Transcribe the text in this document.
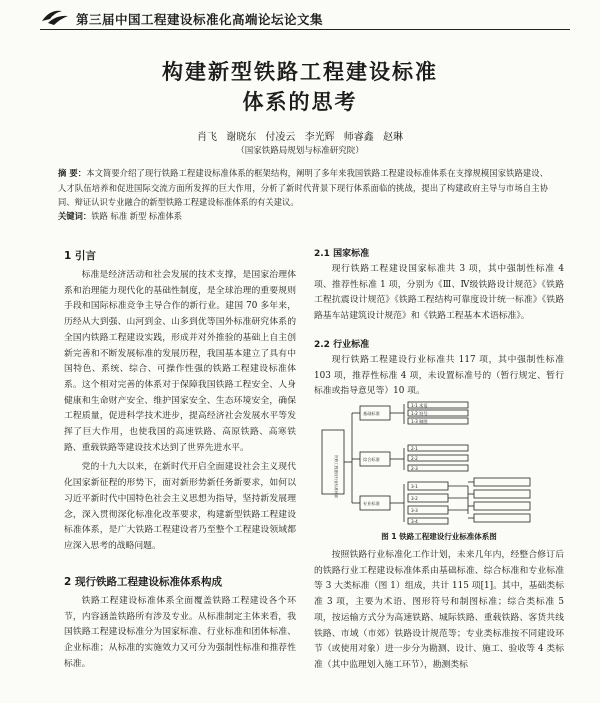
第三届中国工程建设标准化高端论坛论文集
构建新型铁路工程建设标准
体系的思考
肖飞 谢晓东 付凌云 李光辉 师睿鑫 赵琳
（国家铁路局规划与标准研究院）
摘 要：本文简要介绍了现行铁路工程建设标准体系的框架结构，阐明了多年来我国铁路工程建设标准体系在支撑规模国家铁路建设、人才队伍培养和促进国际交流方面所发挥的巨大作用，分析了新时代背景下现行体系面临的挑战，提出了构建政府主导与市场自主协同、辩证认识专业融合的新型铁路工程建设标准体系的有关建议。
关键词：铁路 标准 新型 标准体系
1 引言

标准是经济活动和社会发展的技术支撑，是国家治理体系和治理能力现代化的基础性制度，是全球治理的重要规则手段和国际标准竞争主导合作的新行业。建国 70 多年来，历经从大到强、山河到金、山多到优等国外标准研究体系的全国内铁路工程建设实践，形成并对外推验的基础上自主创新完善和不断发展标准的发展历程，我国基本建立了具有中国特色、系统、综合、可操作性强的铁路工程建设标准体系。这个相对完善的体系对于保障我国铁路工程安全、人身健康和生命财产安全、维护国家安全、生态环境安全，确保工程质量，促进科学技术进步，提高经济社会发展水平等发挥了巨大作用，也使我国的高速铁路、高原铁路、高寒铁路、重载铁路等建设技术达到了世界先进水平。

党的十九大以来，在新时代开启全面建设社会主义现代化国家新征程的形势下，面对新形势新任务新要求，如何以习近平新时代中国特色社会主义思想为指导，坚持新发展理念，深入贯彻深化标准化改革要求，构建新型铁路工程建设标准体系，是广大铁路工程建设者乃至整个工程建设领域都应深入思考的战略问题。

2 现行铁路工程建设标准体系构成

铁路工程建设标准体系全面覆盖铁路工程建设各个环节，内容涵盖铁路所有涉及专业。从标准制定主体来看，我国铁路工程建设标准分为国家标准、行业标准和团体标准、企业标准；从标准的实施效力又可分为强制性标准和推荐性标准。

2.1 国家标准

现行铁路工程建设国家标准共 3 项，其中强制性标准 4 项、推荐性标准 1 项，分别为《Ⅲ、Ⅳ级铁路设计规范》《铁路工程抗震设计规范》《铁路工程结构可靠度设计统一标准》《铁路路基车站建筑设计规范》和《铁路工程基本术语标准》。

2.2 行业标准

现行铁路工程建设行业标准共 117 项，其中强制性标准 103 项，推荐性标准 4 项，未设置标准号的（暂行规定、暂行标准或指导意见等）10 项。

铁路工程建设行业标准体系
基础标准
综合标准
专业标准
1-1 术语
1-2 符号
1-3 制图
2-1
2-2
2-3
3-1
3-2
3-3
3-4
图 1 铁路工程建设行业标准体系图

按照铁路行业标准化工作计划，未来几年内，经整合修订后的铁路行业工程建设标准体系由基础标准、综合标准和专业标准等 3 大类标准（图 1）组成，共计 115 项[1]。其中，基础类标准 3 项，主要为术语、图形符号和制图标准；综合类标准 5 项，按运输方式分为高速铁路、城际铁路、重载铁路、客货共线铁路、市域（市郊）铁路设计规范等；专业类标准按不同建设环节（或使用对象）进一步分为勘测、设计、施工、验收等 4 类标准（其中监理划入施工环节），勘测类标
